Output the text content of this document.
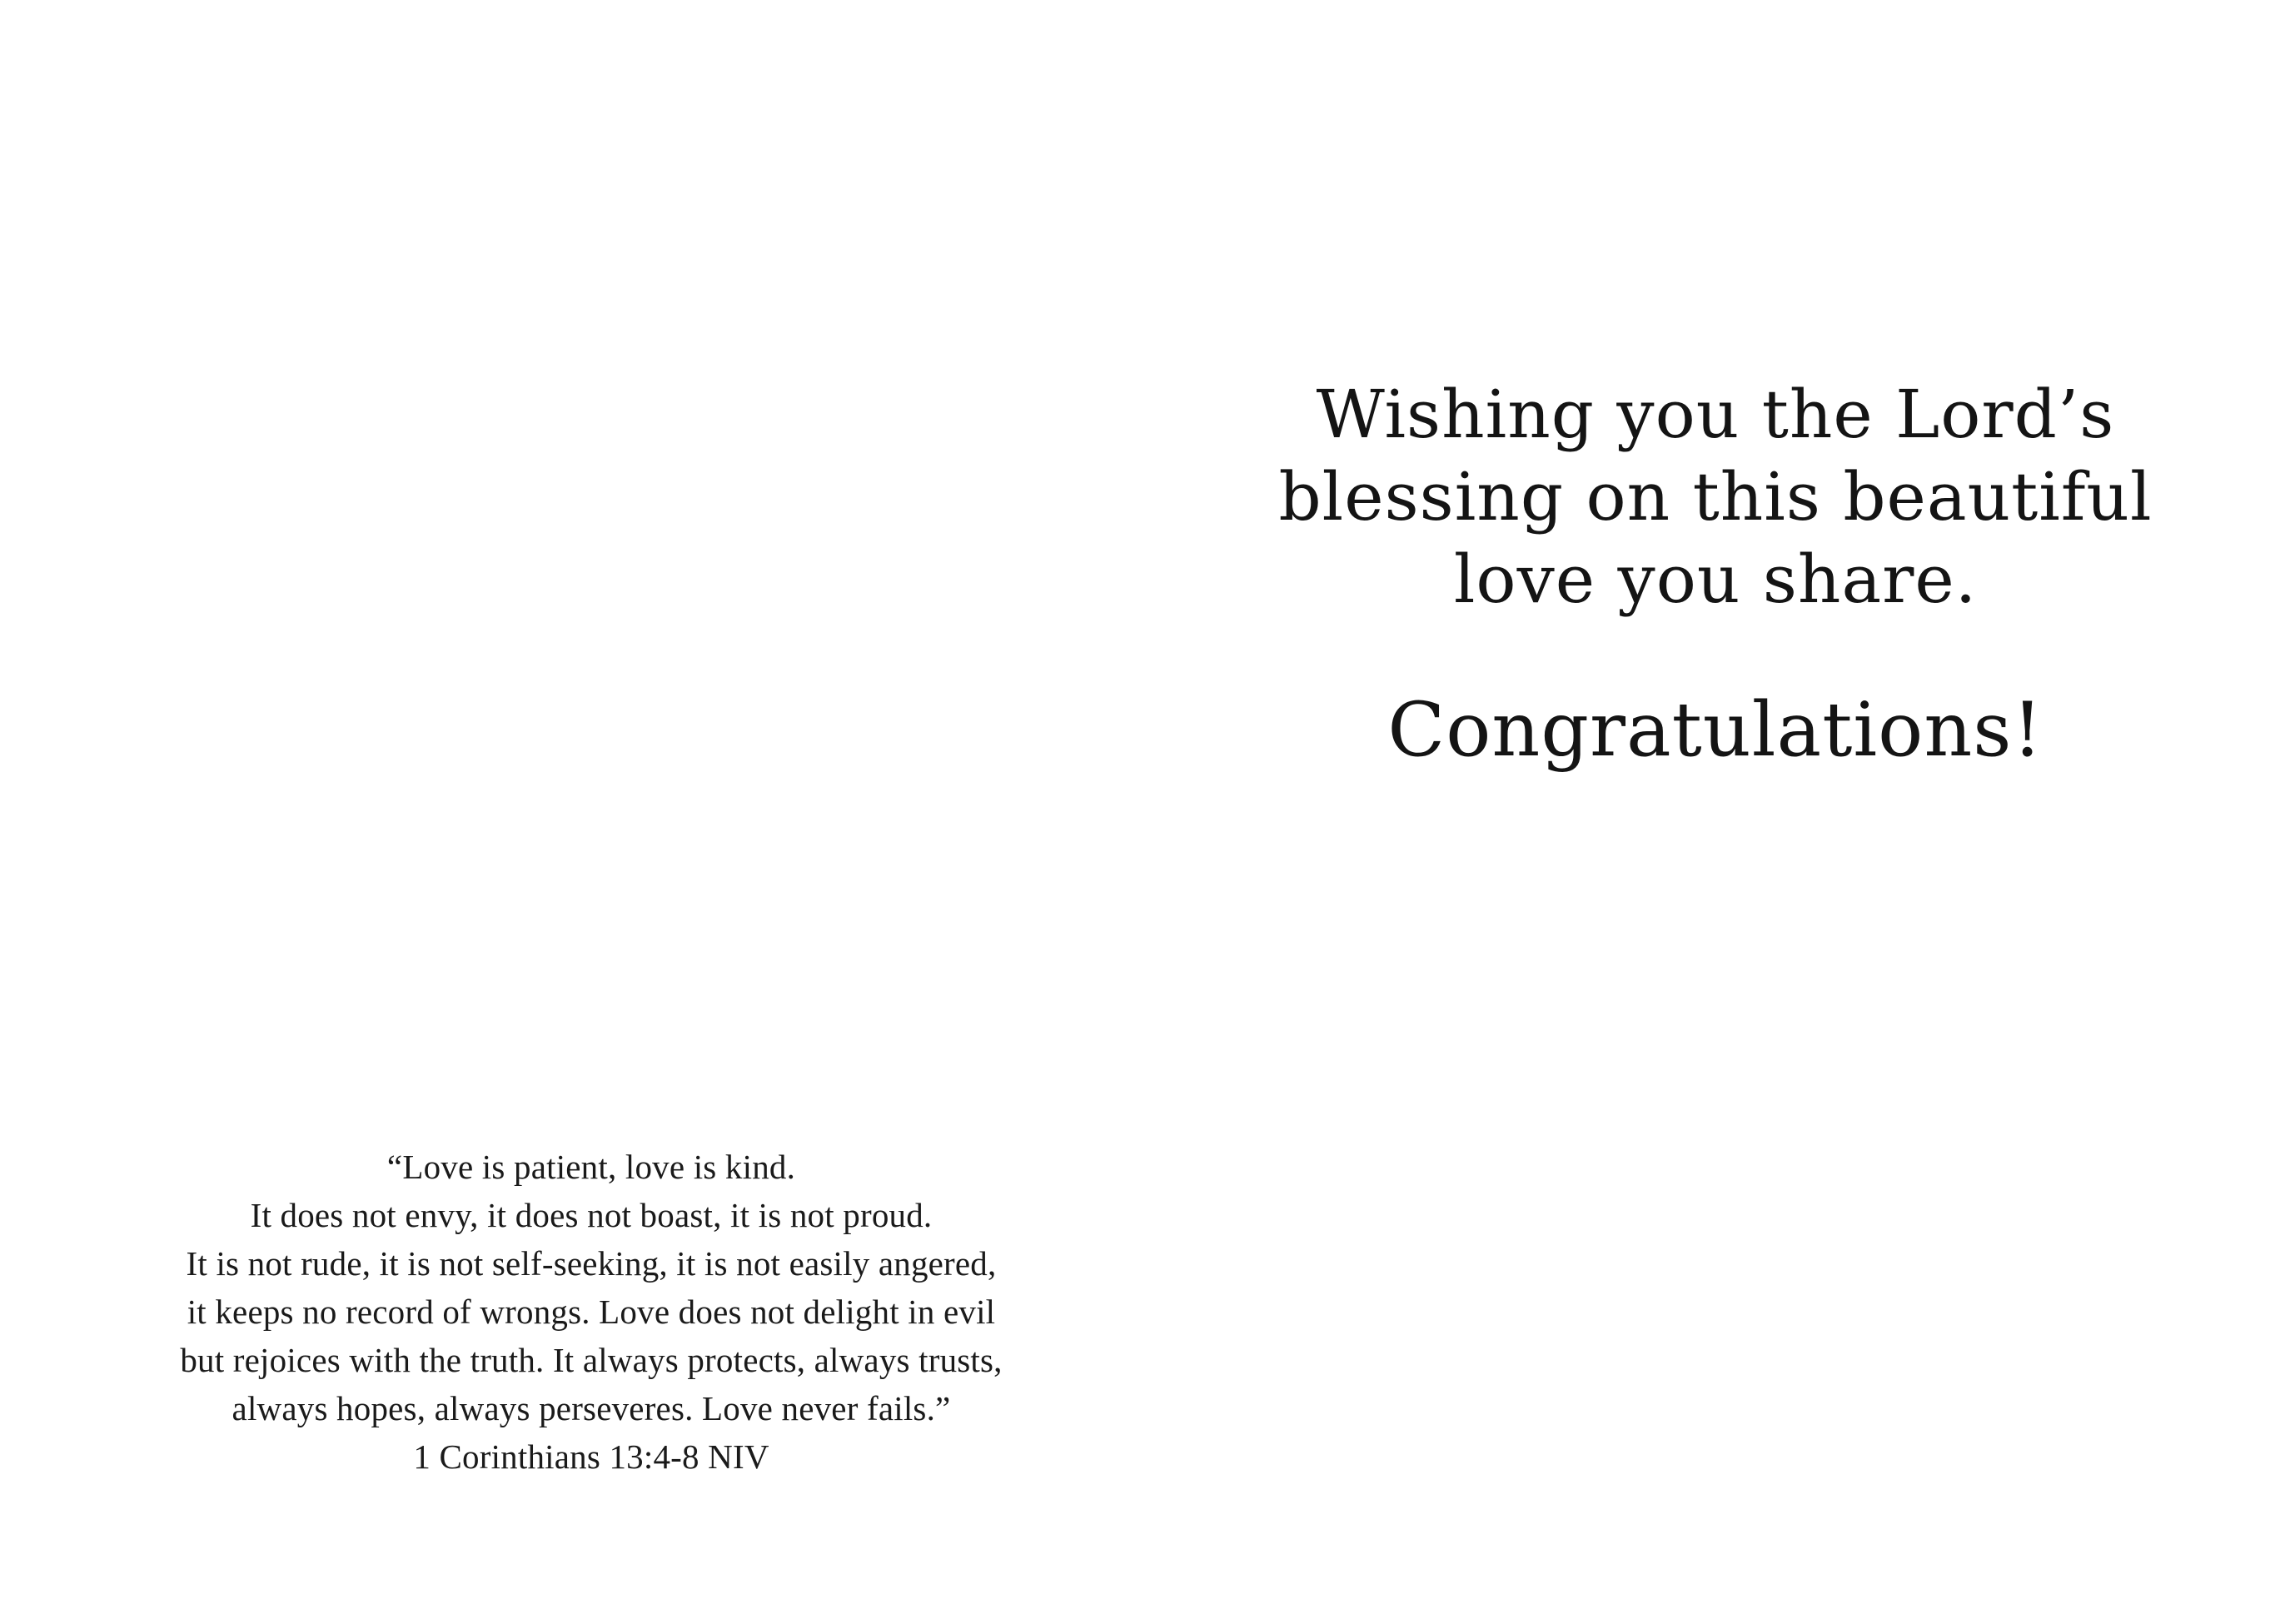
“Love is patient, love is kind.
It does not envy, it does not boast, it is not proud.
It is not rude, it is not self-seeking, it is not easily angered,
it keeps no record of wrongs. Love does not delight in evil
but rejoices with the truth. It always protects, always trusts,
always hopes, always perseveres. Love never fails.”
1 Corinthians 13:4-8 NIV
Wishing you the Lord’s
blessing on this beautiful
love you share.
Congratulations!
